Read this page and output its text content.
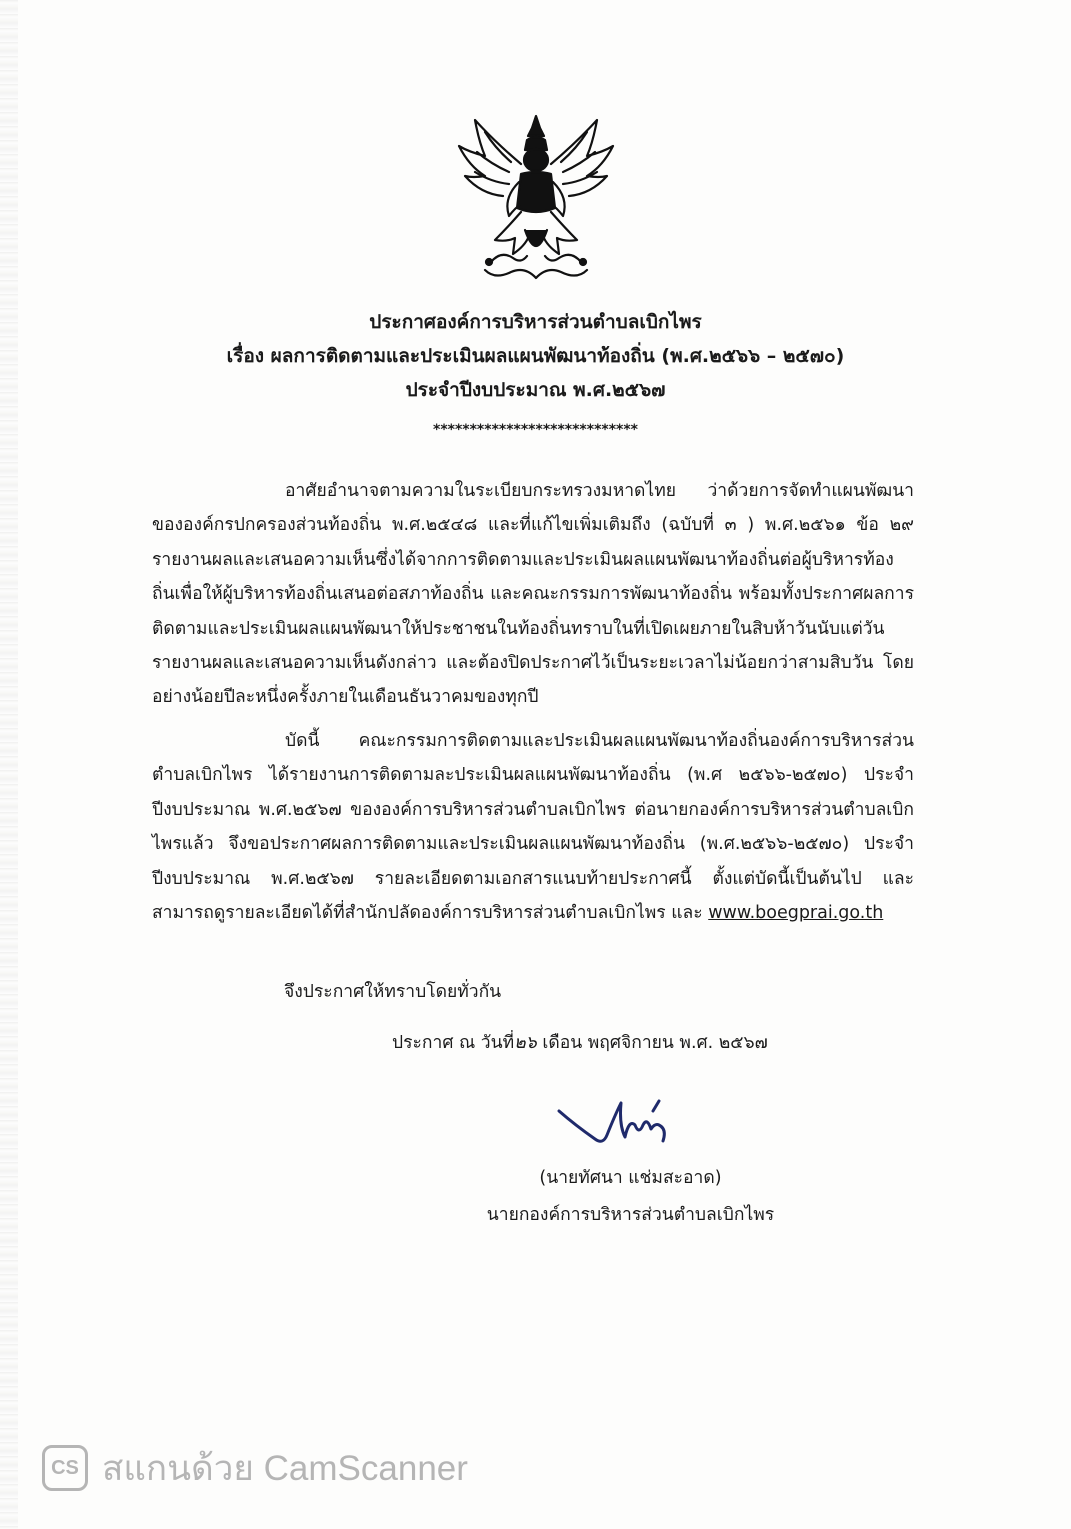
ประกาศองค์การบริหารส่วนตำบลเบิกไพร
เรื่อง ผลการติดตามและประเมินผลแผนพัฒนาท้องถิ่น (พ.ศ.๒๕๖๖ – ๒๕๗๐)
ประจำปีงบประมาณ พ.ศ.๒๕๖๗
****************************

อาศัยอำนาจตามความในระเบียบกระทรวงมหาดไทย ว่าด้วยการจัดทำแผนพัฒนาขององค์กรปกครองส่วนท้องถิ่น พ.ศ.๒๕๔๘ และที่แก้ไขเพิ่มเติมถึง (ฉบับที่ ๓ ) พ.ศ.๒๕๖๑ ข้อ ๒๙ รายงานผลและเสนอความเห็นซึ่งได้จากการติดตามและประเมินผลแผนพัฒนาท้องถิ่นต่อผู้บริหารท้องถิ่นเพื่อให้ผู้บริหารท้องถิ่นเสนอต่อสภาท้องถิ่น และคณะกรรมการพัฒนาท้องถิ่น พร้อมทั้งประกาศผลการติดตามและประเมินผลแผนพัฒนาให้ประชาชนในท้องถิ่นทราบในที่เปิดเผยภายในสิบห้าวันนับแต่วันรายงานผลและเสนอความเห็นดังกล่าว และต้องปิดประกาศไว้เป็นระยะเวลาไม่น้อยกว่าสามสิบวัน โดยอย่างน้อยปีละหนึ่งครั้งภายในเดือนธันวาคมของทุกปี

บัดนี้ คณะกรรมการติดตามและประเมินผลแผนพัฒนาท้องถิ่นองค์การบริหารส่วนตำบลเบิกไพร ได้รายงานการติดตามละประเมินผลแผนพัฒนาท้องถิ่น (พ.ศ ๒๕๖๖-๒๕๗๐) ประจำปีงบประมาณ พ.ศ.๒๕๖๗ ขององค์การบริหารส่วนตำบลเบิกไพร ต่อนายกองค์การบริหารส่วนตำบลเบิกไพรแล้ว จึงขอประกาศผลการติดตามและประเมินผลแผนพัฒนาท้องถิ่น (พ.ศ.๒๕๖๖-๒๕๗๐) ประจำปีงบประมาณ พ.ศ.๒๕๖๗ รายละเอียดตามเอกสารแนบท้ายประกาศนี้ ตั้งแต่บัดนี้เป็นต้นไป และสามารถดูรายละเอียดได้ที่สำนักปลัดองค์การบริหารส่วนตำบลเบิกไพร และ www.boegprai.go.th

จึงประกาศให้ทราบโดยทั่วกัน
ประกาศ ณ วันที่๒๖ เดือน พฤศจิกายน พ.ศ. ๒๕๖๗
(นายทัศนา แช่มสะอาด)
นายกองค์การบริหารส่วนตำบลเบิกไพร
CS สแกนด้วย CamScanner
